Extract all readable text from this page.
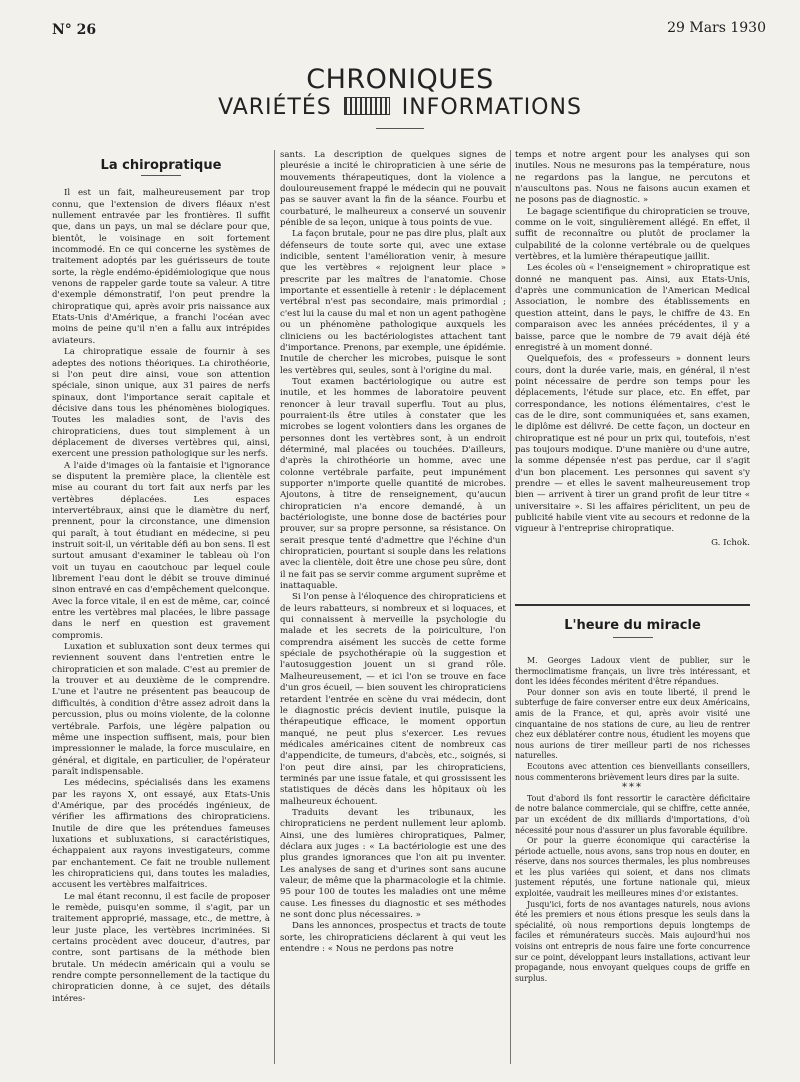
N° 26	29 Mars 1930
CHRONIQUES
VARIÉTÉS	INFORMATIONS
La chiropratique

Il est un fait, malheureusement par trop connu, que l'extension de divers fléaux n'est nullement entravée par les frontières. Il suffit que, dans un pays, un mal se déclare pour que, bientôt, le voisinage en soit fortement incommodé. En ce qui concerne les systèmes de traitement adoptés par les guérisseurs de toute sorte, la règle endémo-épidémiologique que nous venons de rappeler garde toute sa valeur. A titre d'exemple démonstratif, l'on peut prendre la chiropratique qui, après avoir pris naissance aux Etats-Unis d'Amérique, a franchi l'océan avec moins de peine qu'il n'en a fallu aux intrépides aviateurs.

La chiropratique essaie de fournir à ses adeptes des notions théoriques. La chirothéorie, si l'on peut dire ainsi, voue son attention spéciale, sinon unique, aux 31 paires de nerfs spinaux, dont l'importance serait capitale et décisive dans tous les phénomènes biologiques. Toutes les maladies sont, de l'avis des chiropraticiens, dues tout simplement à un déplacement de diverses vertèbres qui, ainsi, exercent une pression pathologique sur les nerfs.

A l'aide d'images où la fantaisie et l'ignorance se disputent la première place, la clientèle est mise au courant du tort fait aux nerfs par les vertèbres déplacées. Les espaces intervertébraux, ainsi que le diamètre du nerf, prennent, pour la circonstance, une dimension qui paraît, à tout étudiant en médecine, si peu instruit soit-il, un véritable défi au bon sens. Il est surtout amusant d'examiner le tableau où l'on voit un tuyau en caoutchouc par lequel coule librement l'eau dont le débit se trouve diminué sinon entravé en cas d'empêchement quelconque. Avec la force vitale, il en est de même, car, coincé entre les vertèbres mal placées, le libre passage dans le nerf en question est gravement compromis.

Luxation et subluxation sont deux termes qui reviennent souvent dans l'entretien entre le chiropraticien et son malade. C'est au premier de la trouver et au deuxième de le comprendre. L'une et l'autre ne présentent pas beaucoup de difficultés, à condition d'être assez adroit dans la percussion, plus ou moins violente, de la colonne vertébrale. Parfois, une légère palpation ou même une inspection suffisent, mais, pour bien impressionner le malade, la force musculaire, en général, et digitale, en particulier, de l'opérateur paraît indispensable.

Les médecins, spécialisés dans les examens par les rayons X, ont essayé, aux Etats-Unis d'Amérique, par des procédés ingénieux, de vérifier les affirmations des chiropraticiens. Inutile de dire que les prétendues fameuses luxations et subluxations, si caractéristiques, échappaient aux rayons investigateurs, comme par enchantement. Ce fait ne trouble nullement les chiropraticiens qui, dans toutes les maladies, accusent les vertèbres malfaitrices.

Le mal étant reconnu, il est facile de proposer le remède, puisqu'en somme, il s'agit, par un traitement approprié, massage, etc., de mettre, à leur juste place, les vertèbres incriminées. Si certains procèdent avec douceur, d'autres, par contre, sont partisans de la méthode bien brutale. Un médecin américain qui a voulu se rendre compte personnellement de la tactique du chiropraticien donne, à ce sujet, des détails intéres-

sants. La description de quelques signes de pleurésie a incité le chiropraticien à une série de mouvements thérapeutiques, dont la violence a douloureusement frappé le médecin qui ne pouvait pas se sauver avant la fin de la séance. Fourbu et courbaturé, le malheureux a conservé un souvenir pénible de sa leçon, unique à tous points de vue.

La façon brutale, pour ne pas dire plus, plaît aux défenseurs de toute sorte qui, avec une extase indicible, sentent l'amélioration venir, à mesure que les vertèbres « rejoignent leur place » prescrite par les maîtres de l'anatomie. Chose importante et essentielle à retenir : le déplacement vertébral n'est pas secondaire, mais primordial ; c'est lui la cause du mal et non un agent pathogène ou un phénomène pathologique auxquels les cliniciens ou les bactériologistes attachent tant d'importance. Prenons, par exemple, une épidémie. Inutile de chercher les microbes, puisque le sont les vertèbres qui, seules, sont à l'origine du mal.

Tout examen bactériologique ou autre est inutile, et les hommes de laboratoire peuvent renoncer à leur travail superflu. Tout au plus, pourraient-ils être utiles à constater que les microbes se logent volontiers dans les organes de personnes dont les vertèbres sont, à un endroit déterminé, mal placées ou touchées. D'ailleurs, d'après la chirothéorie un homme, avec une colonne vertébrale parfaite, peut impunément supporter n'importe quelle quantité de microbes. Ajoutons, à titre de renseignement, qu'aucun chiropraticien n'a encore demandé, à un bactériologiste, une bonne dose de bactéries pour prouver, sur sa propre personne, sa résistance. On serait presque tenté d'admettre que l'échine d'un chiropraticien, pourtant si souple dans les relations avec la clientèle, doit être une chose peu sûre, dont il ne fait pas se servir comme argument suprême et inattaquable.

Si l'on pense à l'éloquence des chiropraticiens et de leurs rabatteurs, si nombreux et si loquaces, et qui connaissent à merveille la psychologie du malade et les secrets de la poiriculture, l'on comprendra aisément les succès de cette forme spéciale de psychothérapie où la suggestion et l'autosuggestion jouent un si grand rôle. Malheureusement, — et ici l'on se trouve en face d'un gros écueil, — bien souvent les chiropraticiens retardent l'entrée en scène du vrai médecin, dont le diagnostic précis devient inutile, puisque la thérapeutique efficace, le moment opportun manqué, ne peut plus s'exercer. Les revues médicales américaines citent de nombreux cas d'appendicite, de tumeurs, d'abcès, etc., soignés, si l'on peut dire ainsi, par les chiropraticiens, terminés par une issue fatale, et qui grossissent les statistiques de décès dans les hôpitaux où les malheureux échouent.

Traduits devant les tribunaux, les chiropraticiens ne perdent nullement leur aplomb. Ainsi, une des lumières chiropratiques, Palmer, déclara aux juges : « La bactériologie est une des plus grandes ignorances que l'on ait pu inventer. Les analyses de sang et d'urines sont sans aucune valeur, de même que la pharmacologie et la chimie. 95 pour 100 de toutes les maladies ont une même cause. Les finesses du diagnostic et ses méthodes ne sont donc plus nécessaires. »

Dans les annonces, prospectus et tracts de toute sorte, les chiropraticiens déclarent à qui veut les entendre : « Nous ne perdons pas notre

temps et notre argent pour les analyses qui son inutiles. Nous ne mesurons pas la température, nous ne regardons pas la langue, ne percutons et n'auscultons pas. Nous ne faisons aucun examen et ne posons pas de diagnostic. »

Le bagage scientifique du chiropraticien se trouve, comme on le voit, singulièrement allégé. En effet, il suffit de reconnaître ou plutôt de proclamer la culpabilité de la colonne vertébrale ou de quelques vertèbres, et la lumière thérapeutique jaillit.

Les écoles où « l'enseignement » chiropratique est donné ne manquent pas. Ainsi, aux Etats-Unis, d'après une communication de l'American Medical Association, le nombre des établissements en question atteint, dans le pays, le chiffre de 43. En comparaison avec les années précédentes, il y a baisse, parce que le nombre de 79 avait déjà été enregistré à un moment donné.

Quelquefois, des « professeurs » donnent leurs cours, dont la durée varie, mais, en général, il n'est point nécessaire de perdre son temps pour les déplacements, l'étude sur place, etc. En effet, par correspondance, les notions élémentaires, c'est le cas de le dire, sont communiquées et, sans examen, le diplôme est délivré. De cette façon, un docteur en chiropratique est né pour un prix qui, toutefois, n'est pas toujours modique. D'une manière ou d'une autre, la somme dépensée n'est pas perdue, car il s'agit d'un bon placement. Les personnes qui savent s'y prendre — et elles le savent malheureusement trop bien — arrivent à tirer un grand profit de leur titre « universitaire ». Si les affaires périclitent, un peu de publicité habile vient vite au secours et redonne de la vigueur à l'entreprise chiropratique.

G. Ichok.

L'heure du miracle

M. Georges Ladoux vient de publier, sur le thermoclimatisme français, un livre très intéressant, et dont les idées fécondes méritent d'être répandues.

Pour donner son avis en toute liberté, il prend le subterfuge de faire converser entre eux deux Américains, amis de la France, et qui, après avoir visité une cinquantaine de nos stations de cure, au lieu de rentrer chez eux déblatérer contre nous, étudient les moyens que nous aurions de tirer meilleur parti de nos richesses naturelles.

Ecoutons avec attention ces bienveillants conseillers, nous commenterons brièvement leurs dires par la suite.

***

Tout d'abord ils font ressortir le caractère déficitaire de notre balance commerciale, qui se chiffre, cette année, par un excédent de dix milliards d'importations, d'où nécessité pour nous d'assurer un plus favorable équilibre.

Or pour la guerre économique qui caractérise la période actuelle, nous avons, sans trop nous en douter, en réserve, dans nos sources thermales, les plus nombreuses et les plus variées qui soient, et dans nos climats justement réputés, une fortune nationale qui, mieux exploitée, vaudrait les meilleures mines d'or existantes.

Jusqu'ici, forts de nos avantages naturels, nous avions été les premiers et nous étions presque les seuls dans la spécialité, où nous remportions depuis longtemps de faciles et rémunérateurs succès. Mais aujourd'hui nos voisins ont entrepris de nous faire une forte concurrence sur ce point, développant leurs installations, activant leur propagande, nous envoyant quelques coups de griffe en surplus.
